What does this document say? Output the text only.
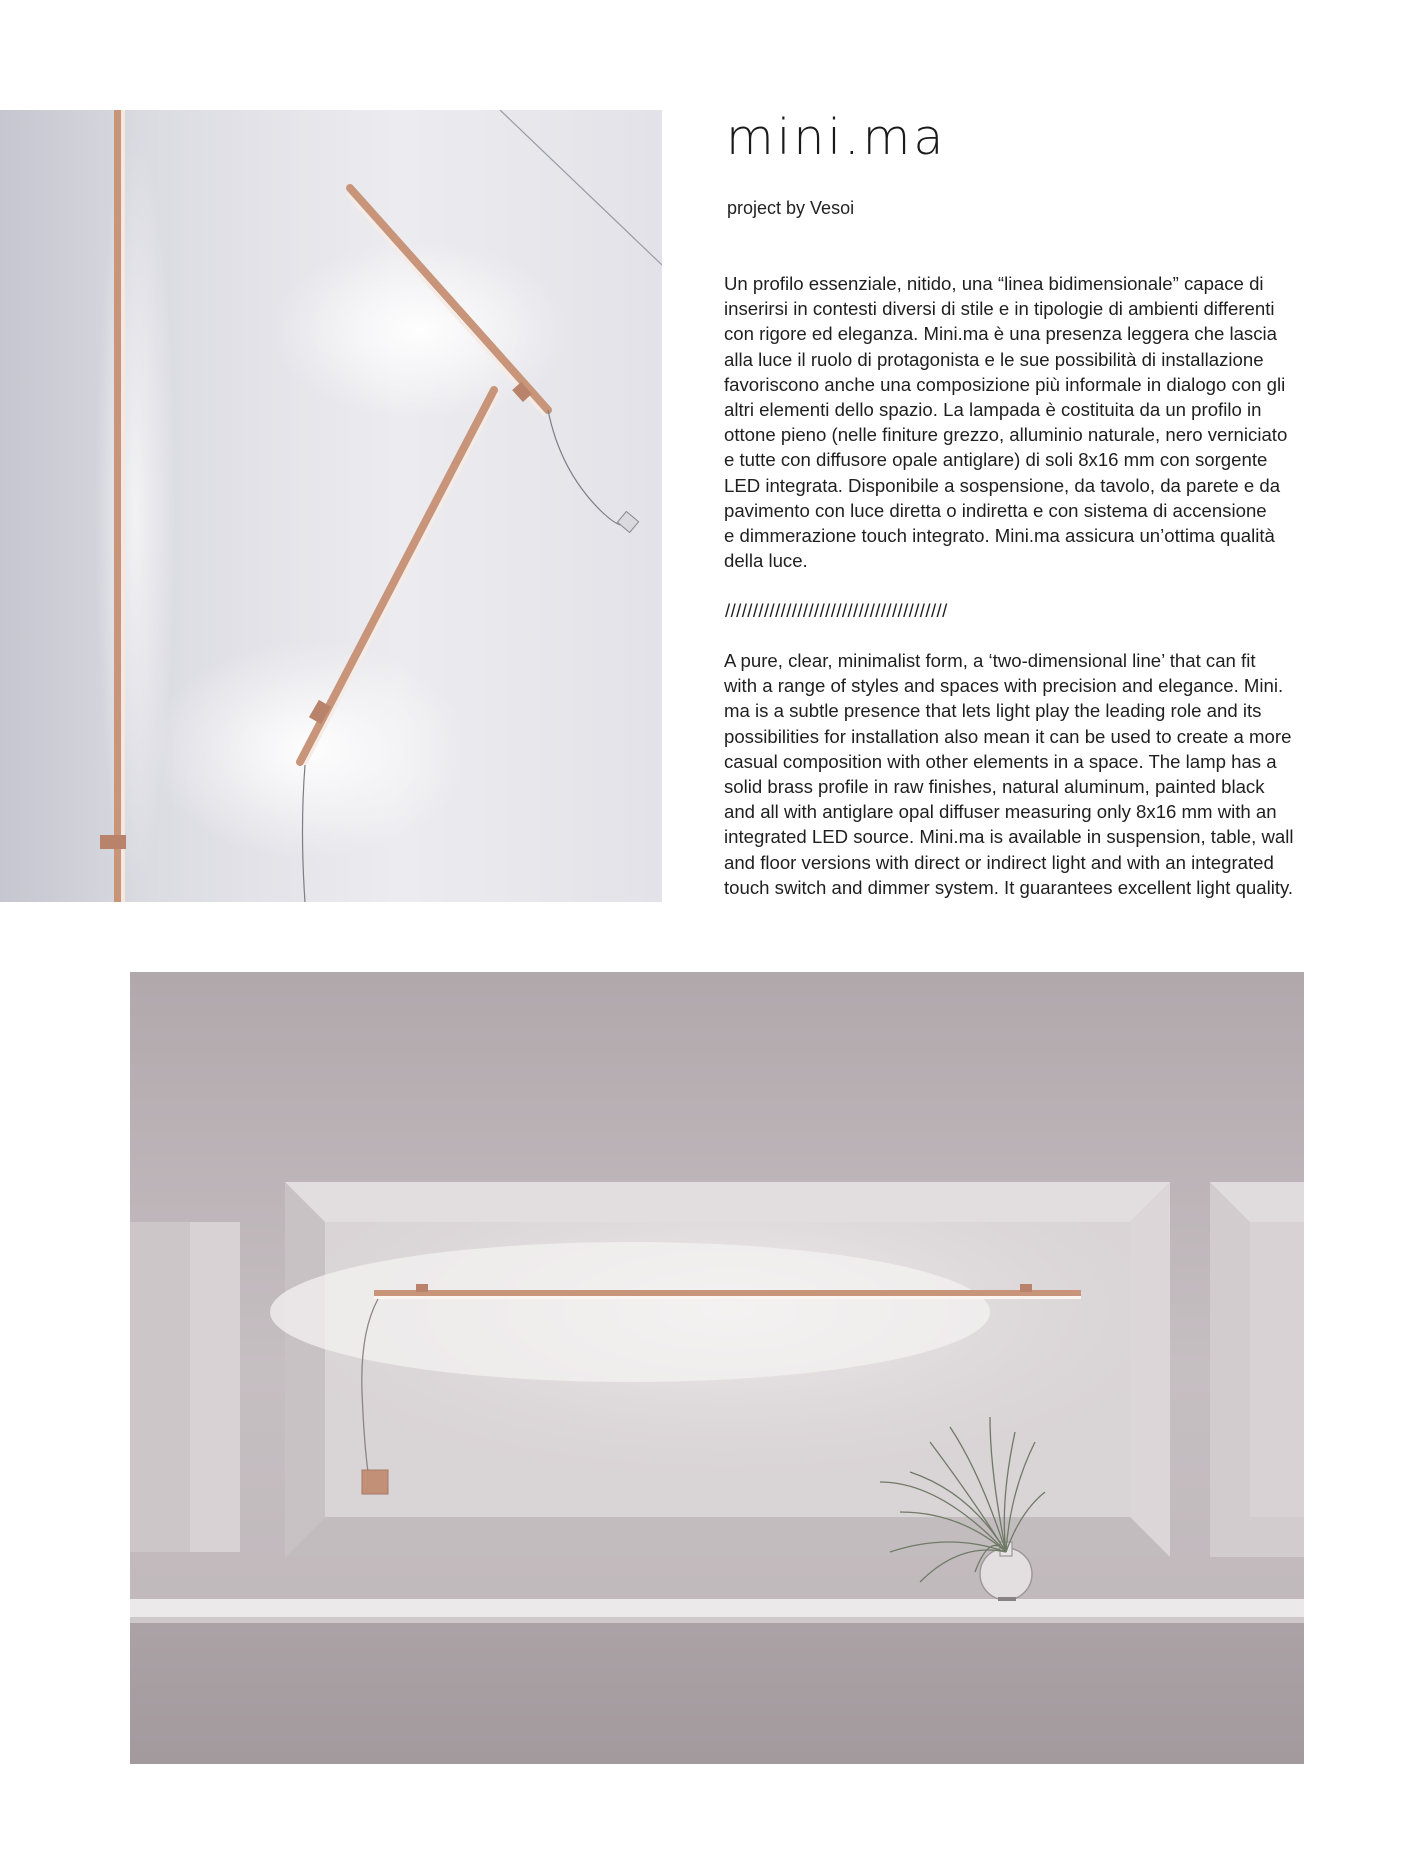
mini.ma
project by Vesoi
Un profilo essenziale, nitido, una “linea bidimensionale” capace di
inserirsi in contesti diversi di stile e in tipologie di ambienti differenti
con rigore ed eleganza. Mini.ma è una presenza leggera che lascia
alla luce il ruolo di protagonista e le sue possibilità di installazione
favoriscono anche una composizione più informale in dialogo con gli
altri elementi dello spazio. La lampada è costituita da un profilo in
ottone pieno (nelle finiture grezzo, alluminio naturale, nero verniciato
e tutte con diffusore opale antiglare) di soli 8x16 mm con sorgente
LED integrata. Disponibile a sospensione, da tavolo, da parete e da
pavimento con luce diretta o indiretta e con sistema di accensione
e dimmerazione touch integrato. Mini.ma assicura un’ottima qualità
della luce.
////////////////////////////////////////
A pure, clear, minimalist form, a ‘two-dimensional line’ that can fit
with a range of styles and spaces with precision and elegance. Mini.
ma is a subtle presence that lets light play the leading role and its
possibilities for installation also mean it can be used to create a more
casual composition with other elements in a space. The lamp has a
solid brass profile in raw finishes, natural aluminum, painted black
and all with antiglare opal diffuser measuring only 8x16 mm with an
integrated LED source. Mini.ma is available in suspension, table, wall
and floor versions with direct or indirect light and with an integrated
touch switch and dimmer system. It guarantees excellent light quality.
